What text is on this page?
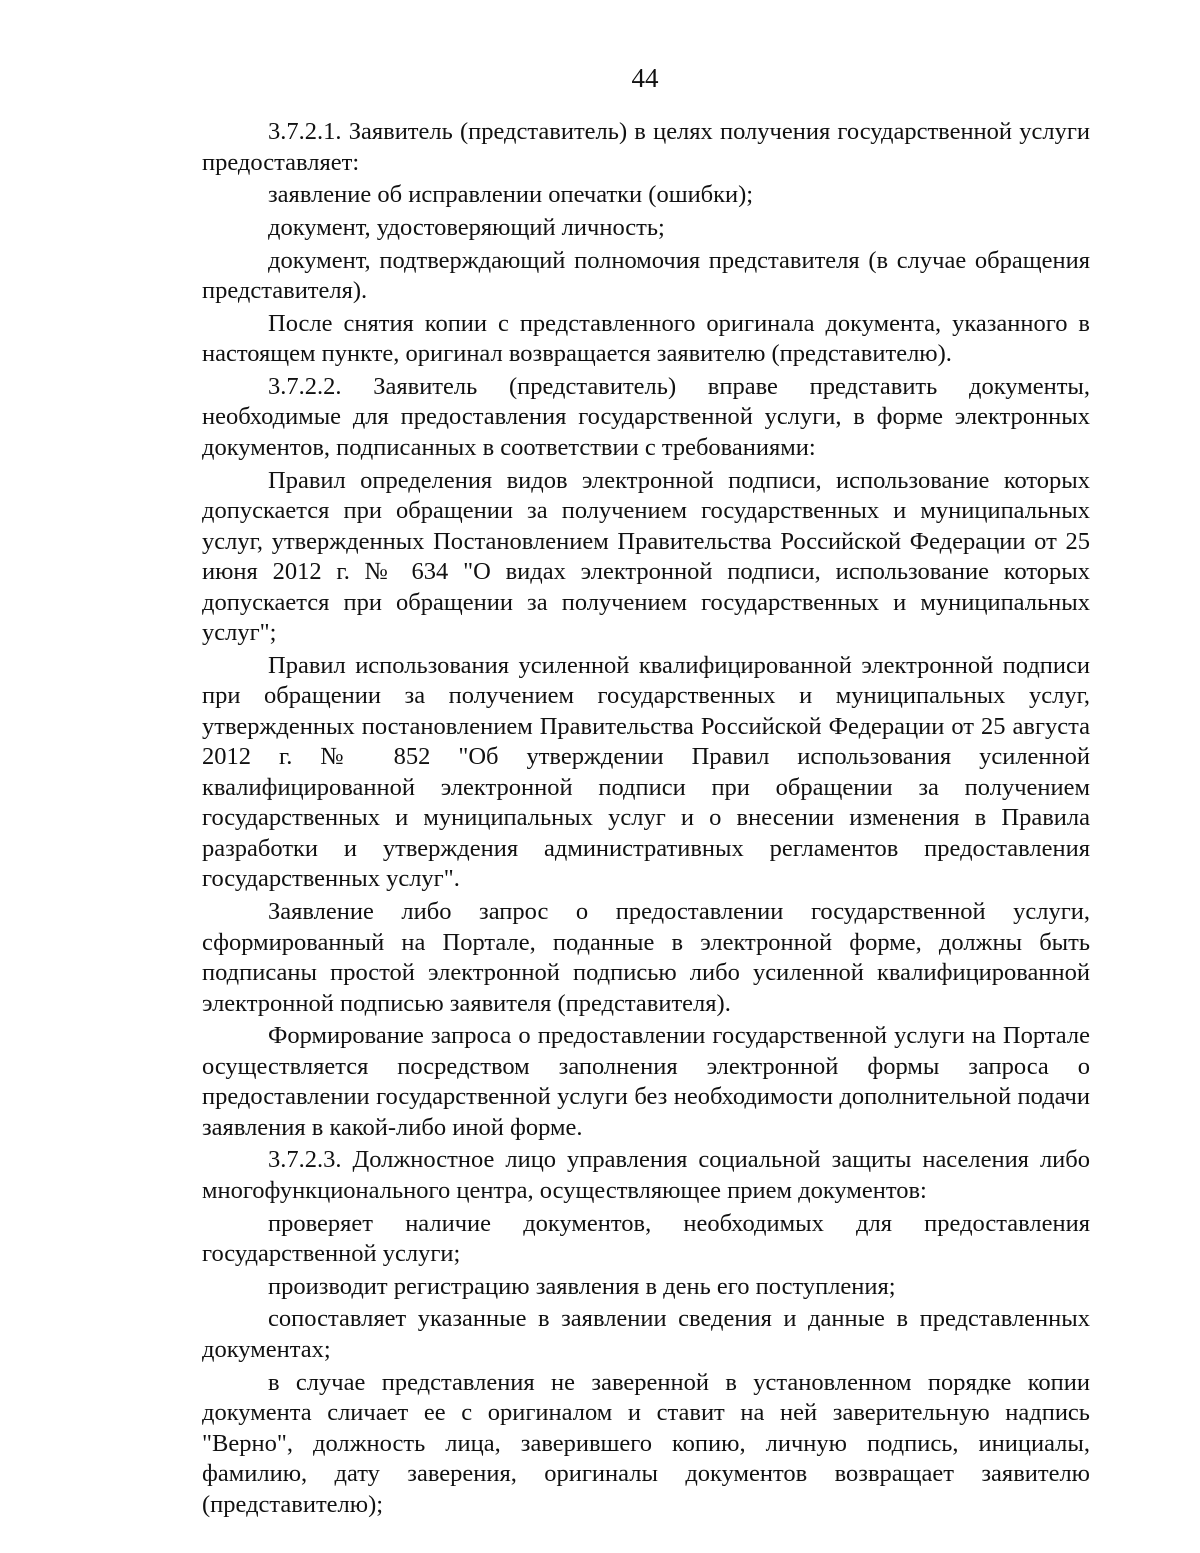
44

3.7.2.1. Заявитель (представитель) в целях получения государственной услуги предоставляет:

заявление об исправлении опечатки (ошибки);

документ, удостоверяющий личность;

документ, подтверждающий полномочия представителя (в случае обращения представителя).

После снятия копии с представленного оригинала документа, указанного в настоящем пункте, оригинал возвращается заявителю (представителю).

3.7.2.2. Заявитель (представитель) вправе представить документы, необходимые для предоставления государственной услуги, в форме электронных документов, подписанных в соответствии с требованиями:

Правил определения видов электронной подписи, использование которых допускается при обращении за получением государственных и муниципальных услуг, утвержденных Постановлением Правительства Российской Федерации от 25 июня 2012 г. № 634 "О видах электронной подписи, использование которых допускается при обращении за получением государственных и муниципальных услуг";

Правил использования усиленной квалифицированной электронной подписи при обращении за получением государственных и муниципальных услуг, утвержденных постановлением Правительства Российской Федерации от 25 августа 2012 г. № 852 "Об утверждении Правил использования усиленной квалифицированной электронной подписи при обращении за получением государственных и муниципальных услуг и о внесении изменения в Правила разработки и утверждения административных регламентов предоставления государственных услуг".

Заявление либо запрос о предоставлении государственной услуги, сформированный на Портале, поданные в электронной форме, должны быть подписаны простой электронной подписью либо усиленной квалифицированной электронной подписью заявителя (представителя).

Формирование запроса о предоставлении государственной услуги на Портале осуществляется посредством заполнения электронной формы запроса о предоставлении государственной услуги без необходимости дополнительной подачи заявления в какой-либо иной форме.

3.7.2.3. Должностное лицо управления социальной защиты населения либо многофункционального центра, осуществляющее прием документов:

проверяет наличие документов, необходимых для предоставления государственной услуги;

производит регистрацию заявления в день его поступления;

сопоставляет указанные в заявлении сведения и данные в представленных документах;

в случае представления не заверенной в установленном порядке копии документа сличает ее с оригиналом и ставит на ней заверительную надпись "Верно", должность лица, заверившего копию, личную подпись, инициалы, фамилию, дату заверения, оригиналы документов возвращает заявителю (представителю);
